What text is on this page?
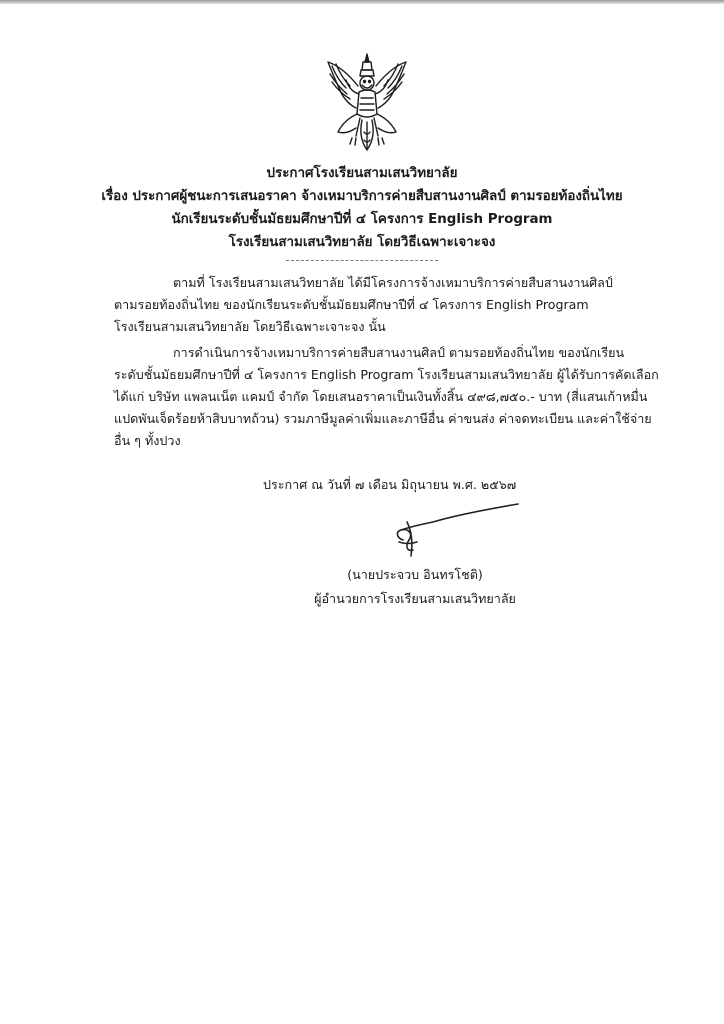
ประกาศโรงเรียนสามเสนวิทยาลัย
เรื่อง ประกาศผู้ชนะการเสนอราคา จ้างเหมาบริการค่ายสืบสานงานศิลป์ ตามรอยท้องถิ่นไทย
นักเรียนระดับชั้นมัธยมศึกษาปีที่ ๔ โครงการ English Program
โรงเรียนสามเสนวิทยาลัย โดยวิธีเฉพาะเจาะจง
ตามที่ โรงเรียนสามเสนวิทยาลัย ได้มีโครงการจ้างเหมาบริการค่ายสืบสานงานศิลป์
ตามรอยท้องถิ่นไทย ของนักเรียนระดับชั้นมัธยมศึกษาปีที่ ๔ โครงการ English Program
โรงเรียนสามเสนวิทยาลัย โดยวิธีเฉพาะเจาะจง นั้น
การดำเนินการจ้างเหมาบริการค่ายสืบสานงานศิลป์ ตามรอยท้องถิ่นไทย ของนักเรียน
ระดับชั้นมัธยมศึกษาปีที่ ๔ โครงการ English Program โรงเรียนสามเสนวิทยาลัย ผู้ได้รับการคัดเลือก
ได้แก่ บริษัท แพลนเน็ต แคมป์ จำกัด โดยเสนอราคาเป็นเงินทั้งสิ้น ๔๙๘,๗๕๐.- บาท (สี่แสนเก้าหมื่น
แปดพันเจ็ดร้อยห้าสิบบาทถ้วน) รวมภาษีมูลค่าเพิ่มและภาษีอื่น ค่าขนส่ง ค่าจดทะเบียน และค่าใช้จ่าย
อื่น ๆ ทั้งปวง
ประกาศ ณ วันที่ ๗ เดือน มิถุนายน พ.ศ. ๒๕๖๗
(นายประจวบ อินทรโชติ)
ผู้อำนวยการโรงเรียนสามเสนวิทยาลัย
